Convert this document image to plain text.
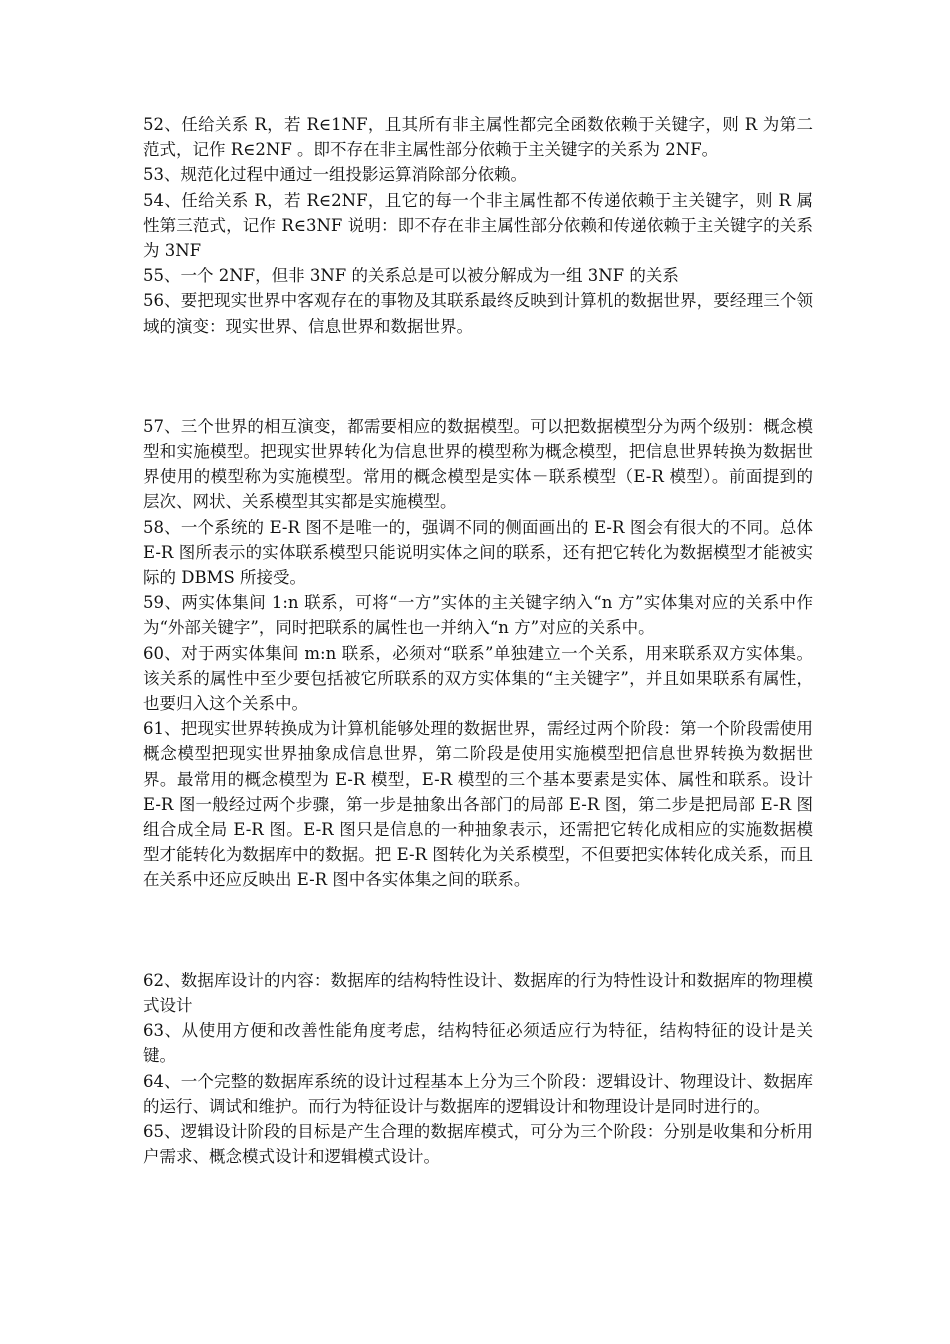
52、任给关系 R，若 R∈1NF，且其所有非主属性都完全函数依赖于关键字，则 R 为第二范式，记作 R∈2NF 。即不存在非主属性部分依赖于主关键字的关系为 2NF。

53、规范化过程中通过一组投影运算消除部分依赖。

54、任给关系 R，若 R∈2NF，且它的每一个非主属性都不传递依赖于主关键字，则 R 属性第三范式，记作 R∈3NF 说明：即不存在非主属性部分依赖和传递依赖于主关键字的关系为 3NF

55、一个 2NF，但非 3NF 的关系总是可以被分解成为一组 3NF 的关系

56、要把现实世界中客观存在的事物及其联系最终反映到计算机的数据世界，要经理三个领域的演变：现实世界、信息世界和数据世界。

57、三个世界的相互演变，都需要相应的数据模型。可以把数据模型分为两个级别：概念模型和实施模型。把现实世界转化为信息世界的模型称为概念模型，把信息世界转换为数据世界使用的模型称为实施模型。常用的概念模型是实体－联系模型（E-R 模型）。前面提到的层次、网状、关系模型其实都是实施模型。

58、一个系统的 E-R 图不是唯一的，强调不同的侧面画出的 E-R 图会有很大的不同。总体 E-R 图所表示的实体联系模型只能说明实体之间的联系，还有把它转化为数据模型才能被实际的 DBMS 所接受。

59、两实体集间 1:n 联系，可将“一方”实体的主关键字纳入“n 方”实体集对应的关系中作为“外部关键字”，同时把联系的属性也一并纳入“n 方”对应的关系中。

60、对于两实体集间 m:n 联系，必须对“联系”单独建立一个关系，用来联系双方实体集。该关系的属性中至少要包括被它所联系的双方实体集的“主关键字”，并且如果联系有属性，也要归入这个关系中。

61、把现实世界转换成为计算机能够处理的数据世界，需经过两个阶段：第一个阶段需使用概念模型把现实世界抽象成信息世界，第二阶段是使用实施模型把信息世界转换为数据世界。最常用的概念模型为 E-R 模型，E-R 模型的三个基本要素是实体、属性和联系。设计 E-R 图一般经过两个步骤，第一步是抽象出各部门的局部 E-R 图，第二步是把局部 E-R 图组合成全局 E-R 图。E-R 图只是信息的一种抽象表示，还需把它转化成相应的实施数据模型才能转化为数据库中的数据。把 E-R 图转化为关系模型，不但要把实体转化成关系，而且在关系中还应反映出 E-R 图中各实体集之间的联系。

62、数据库设计的内容：数据库的结构特性设计、数据库的行为特性设计和数据库的物理模式设计

63、从使用方便和改善性能角度考虑，结构特征必须适应行为特征，结构特征的设计是关键。

64、一个完整的数据库系统的设计过程基本上分为三个阶段：逻辑设计、物理设计、数据库的运行、调试和维护。而行为特征设计与数据库的逻辑设计和物理设计是同时进行的。

65、逻辑设计阶段的目标是产生合理的数据库模式，可分为三个阶段：分别是收集和分析用户需求、概念模式设计和逻辑模式设计。
